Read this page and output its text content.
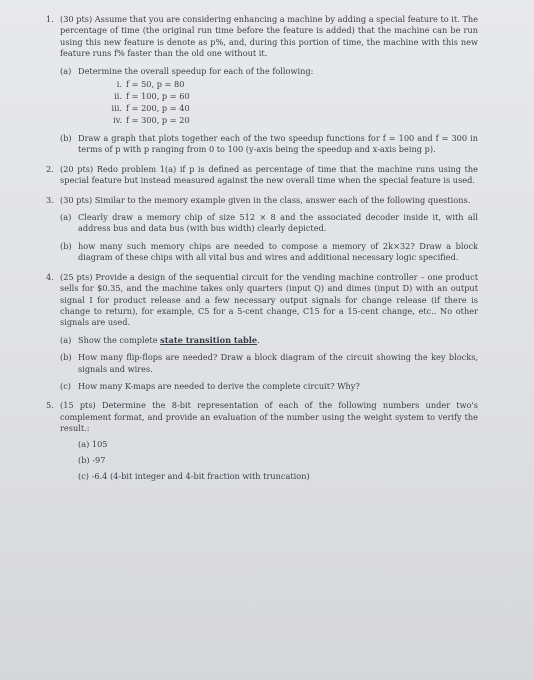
1. (30 pts) Assume that you are considering enhancing a machine by adding a special feature to it. The percentage of time (the original run time before the feature is added) that the machine can be run using this new feature is denote as p%, and, during this portion of time, the machine with this new feature runs f% faster than the old one without it.
(a) Determine the overall speedup for each of the following:
i. f = 50, p = 80
ii. f = 100, p = 60
iii. f = 200, p = 40
iv. f = 300, p = 20
(b) Draw a graph that plots together each of the two speedup functions for f = 100 and f = 300 in terms of p with p ranging from 0 to 100 (y-axis being the speedup and x-axis being p).
2. (20 pts) Redo problem 1(a) if p is defined as percentage of time that the machine runs using the special feature but instead measured against the new overall time when the special feature is used.
3. (30 pts) Similar to the memory example given in the class, answer each of the following questions.
(a) Clearly draw a memory chip of size 512 × 8 and the associated decoder inside it, with all address bus and data bus (with bus width) clearly depicted.
(b) how many such memory chips are needed to compose a memory of 2k×32? Draw a block diagram of these chips with all vital bus and wires and additional necessary logic specified.
4. (25 pts) Provide a design of the sequential circuit for the vending machine controller – one product sells for $0.35, and the machine takes only quarters (input Q) and dimes (input D) with an output signal I for product release and a few necessary output signals for change release (if there is change to return), for example, C5 for a 5-cent change, C15 for a 15-cent change, etc.. No other signals are used.
(a) Show the complete state transition table.
(b) How many flip-flops are needed? Draw a block diagram of the circuit showing the key blocks, signals and wires.
(c) How many K-maps are needed to derive the complete circuit? Why?
5. (15 pts) Determine the 8-bit representation of each of the following numbers under two's complement format, and provide an evaluation of the number using the weight system to verify the result.:
(a) 105
(b) -97
(c) -6.4 (4-bit integer and 4-bit fraction with truncation)
